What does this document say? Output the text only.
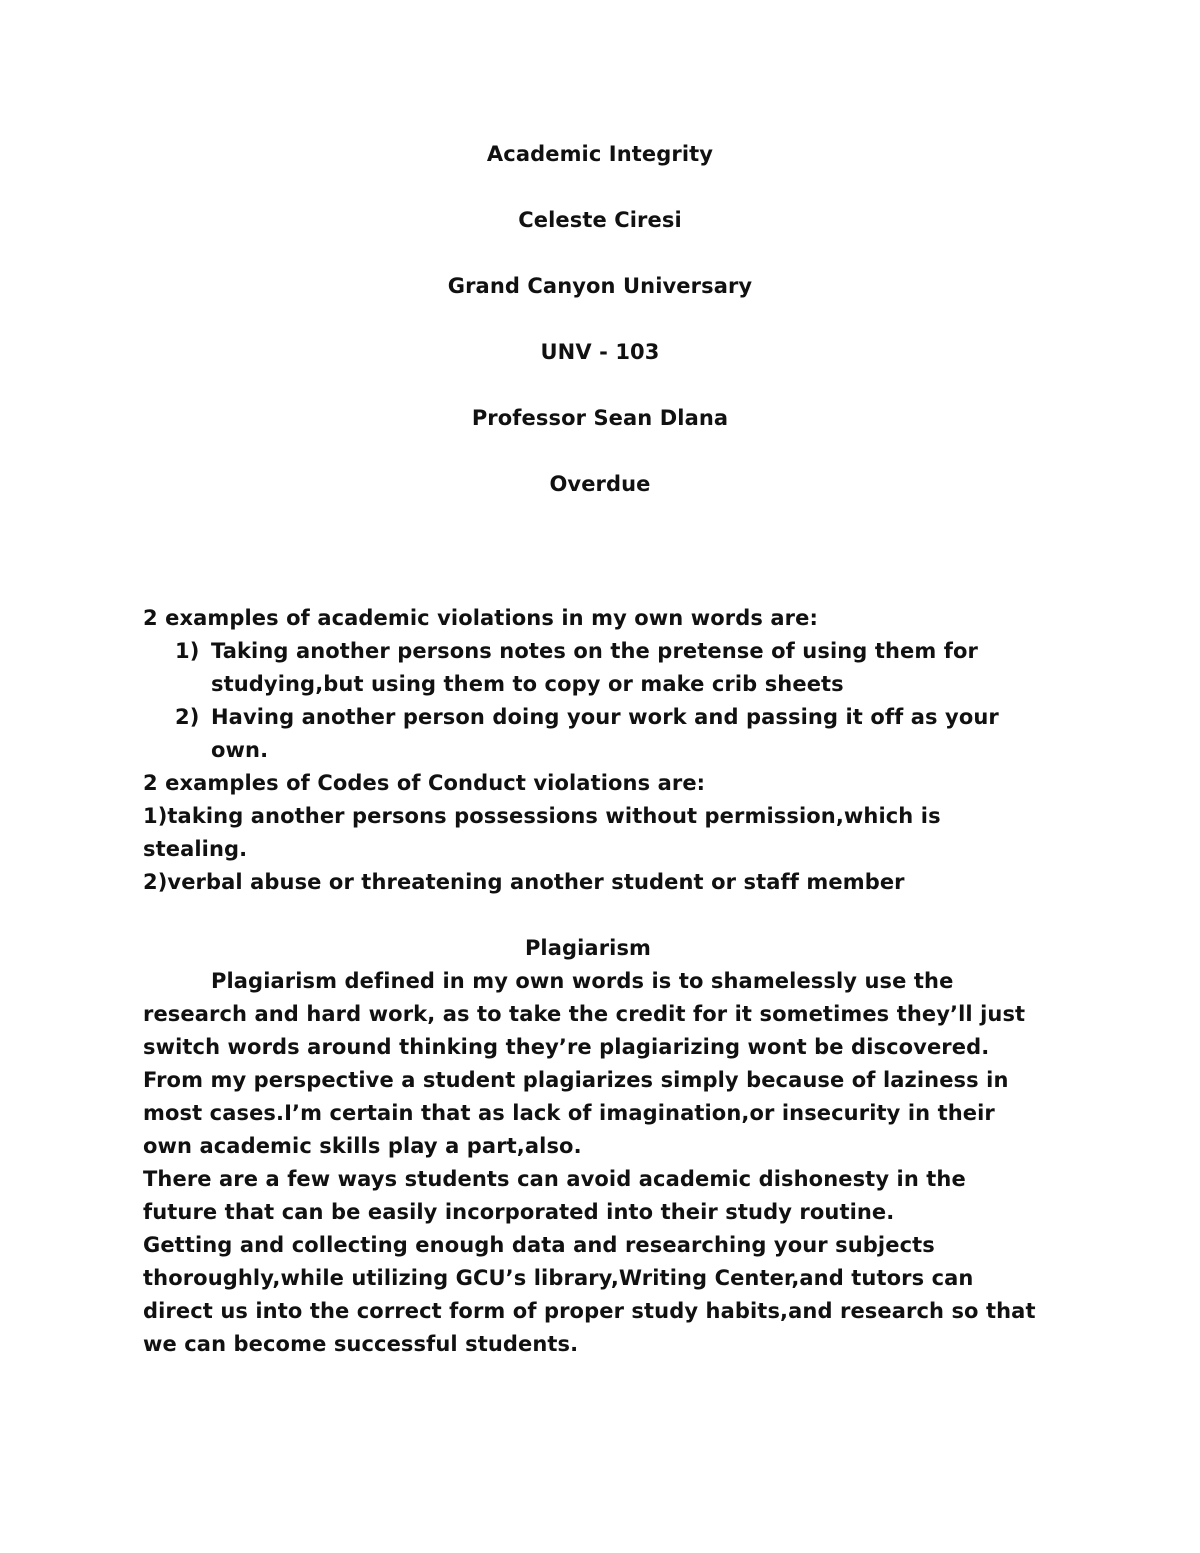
Academic Integrity
Celeste Ciresi
Grand Canyon Universary
UNV - 103
Professor Sean Dlana
Overdue

2 examples of academic violations in my own words are:

1) Taking another persons notes on the pretense of using them for
studying,but using them to copy or make crib sheets
2) Having another person doing your work and passing it off as your
own.

2 examples of Codes of Conduct violations are:

1)taking another persons possessions without permission,which is

stealing.

2)verbal abuse or threatening another student or staff member

Plagiarism

Plagiarism defined in my own words is to shamelessly use the

research and hard work, as to take the credit for it sometimes they’ll just

switch words around thinking they’re plagiarizing wont be discovered.

From my perspective a student plagiarizes simply because of laziness in

most cases.I’m certain that as lack of imagination,or insecurity in their

own academic skills play a part,also.

There are a few ways students can avoid academic dishonesty in the

future that can be easily incorporated into their study routine.

Getting and collecting enough data and researching your subjects

thoroughly,while utilizing GCU’s library,Writing Center,and tutors can

direct us into the correct form of proper study habits,and research so that

we can become successful students.
